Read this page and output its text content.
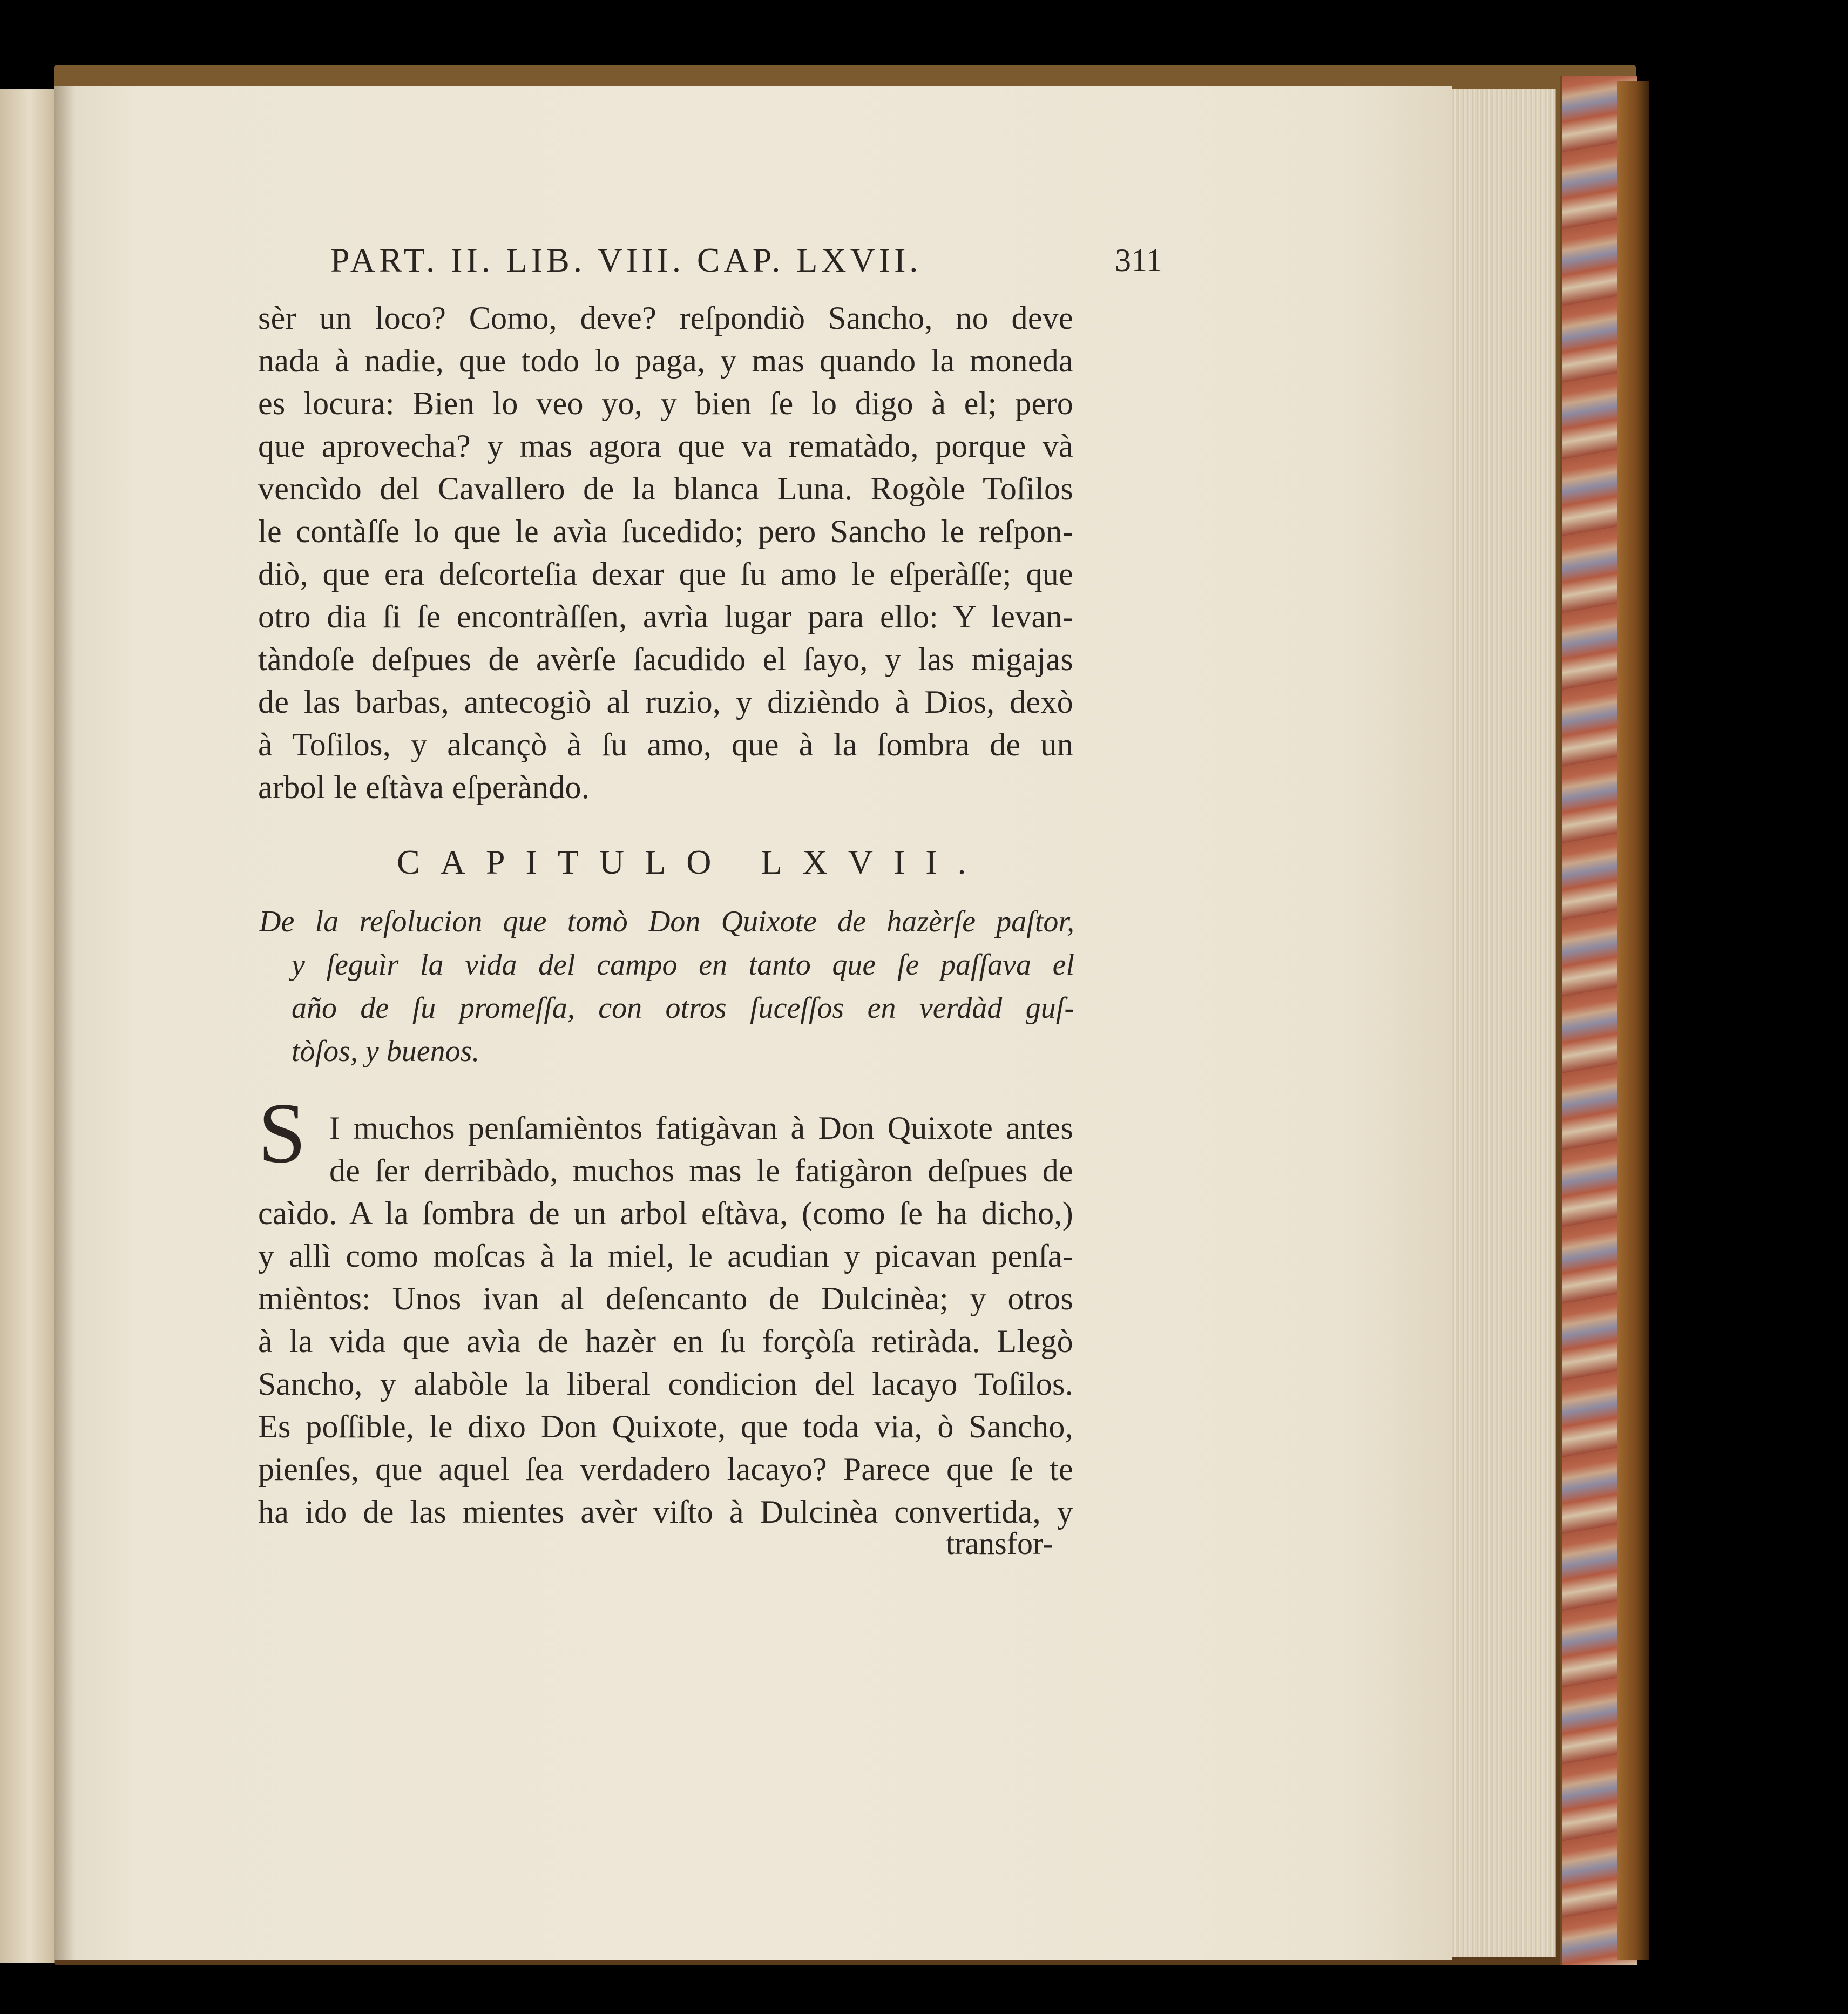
PART. II. LIB. VIII. CAP. LXVII.	311
CAPITULO LXVII.
S
transfor-
sèr un loco? Como, deve? reſpondiò Sancho, no deve
nada à nadie, que todo lo paga, y mas quando la moneda
es locura: Bien lo veo yo, y bien ſe lo digo à el; pero
que aprovecha? y mas agora que va rematàdo, porque và
vencìdo del Cavallero de la blanca Luna. Rogòle Toſilos
le contàſſe lo que le avìa ſucedido; pero Sancho le reſpon-
diò, que era deſcorteſia dexar que ſu amo le eſperàſſe; que
otro dia ſi ſe encontràſſen, avrìa lugar para ello: Y levan-
tàndoſe deſpues de avèrſe ſacudido el ſayo, y las migajas
de las barbas, antecogiò al ruzio, y dizièndo à Dios, dexò
à Toſilos, y alcançò à ſu amo, que à la ſombra de un
arbol le eſtàva eſperàndo.
De la reſolucion que tomò Don Quixote de hazèrſe paſtor,
y ſeguìr la vida del campo en tanto que ſe paſſava el
año de ſu promeſſa, con otros ſuceſſos en verdàd guſ-
tòſos, y buenos.
I muchos penſamièntos fatigàvan à Don Quixote antes
de ſer derribàdo, muchos mas le fatigàron deſpues de
caìdo. A la ſombra de un arbol eſtàva, (como ſe ha dicho,)
y allì como moſcas à la miel, le acudian y picavan penſa-
mièntos: Unos ivan al deſencanto de Dulcinèa; y otros
à la vida que avìa de hazèr en ſu forçòſa retiràda. Llegò
Sancho, y alabòle la liberal condicion del lacayo Toſilos.
Es poſſible, le dixo Don Quixote, que toda via, ò Sancho,
pienſes, que aquel ſea verdadero lacayo? Parece que ſe te
ha ido de las mientes avèr viſto à Dulcinèa convertida, y
